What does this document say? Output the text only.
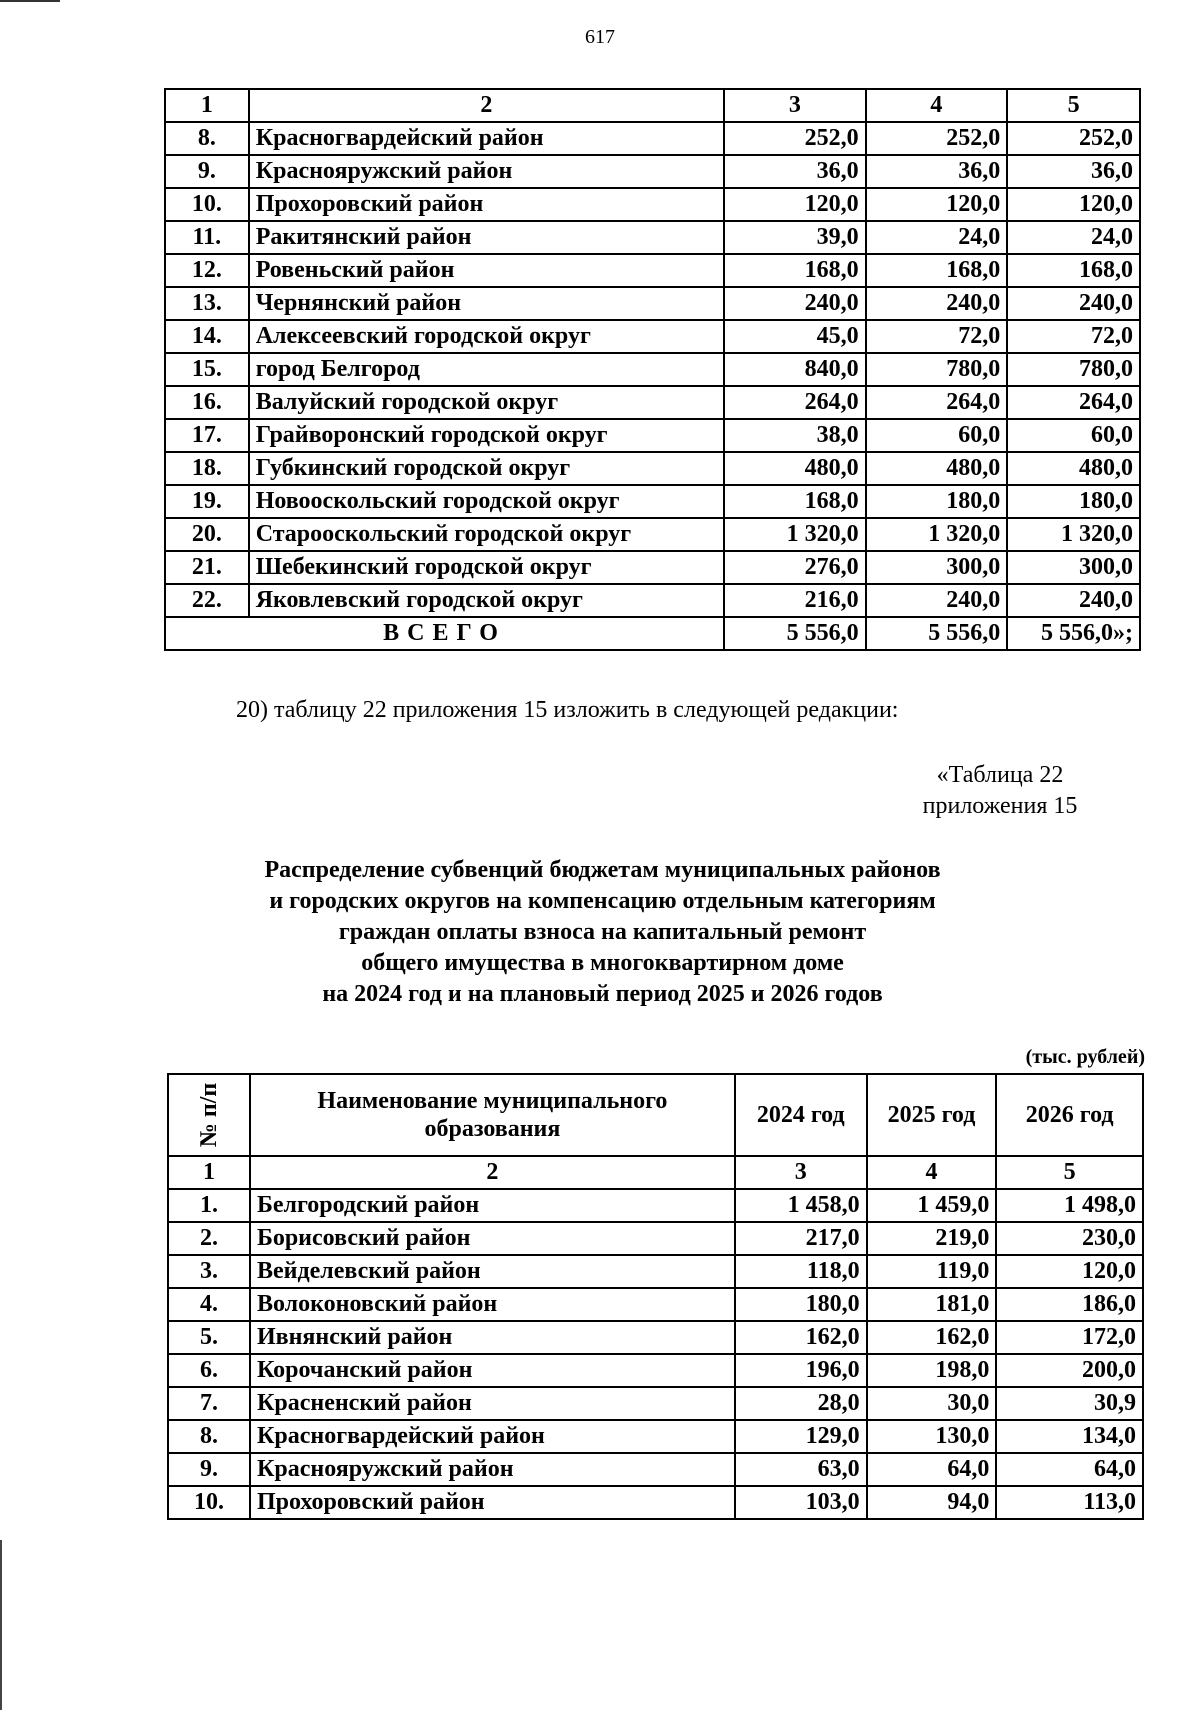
617
1	2	3	4	5
8.	Красногвардейский район	252,0	252,0	252,0
9.	Краснояружский район	36,0	36,0	36,0
10.	Прохоровский район	120,0	120,0	120,0
11.	Ракитянский район	39,0	24,0	24,0
12.	Ровеньский район	168,0	168,0	168,0
13.	Чернянский район	240,0	240,0	240,0
14.	Алексеевский городской округ	45,0	72,0	72,0
15.	город Белгород	840,0	780,0	780,0
16.	Валуйский городской округ	264,0	264,0	264,0
17.	Грайворонский городской округ	38,0	60,0	60,0
18.	Губкинский городской округ	480,0	480,0	480,0
19.	Новооскольский городской округ	168,0	180,0	180,0
20.	Старооскольский городской округ	1 320,0	1 320,0	1 320,0
21.	Шебекинский городской округ	276,0	300,0	300,0
22.	Яковлевский городской округ	216,0	240,0	240,0
ВСЕГО		5 556,0	5 556,0	5 556,0»;
20) таблицу 22 приложения 15 изложить в следующей редакции:
«Таблица 22
приложения 15
Распределение субвенций бюджетам муниципальных районов
и городских округов на компенсацию отдельным категориям
граждан оплаты взноса на капитальный ремонт
общего имущества в многоквартирном доме
на 2024 год и на плановый период 2025 и 2026 годов
(тыс. рублей)
№ п/п	Наименование муниципального образования	2024 год	2025 год	2026 год
1	2	3	4	5
1.	Белгородский район	1 458,0	1 459,0	1 498,0
2.	Борисовский район	217,0	219,0	230,0
3.	Вейделевский район	118,0	119,0	120,0
4.	Волоконовский район	180,0	181,0	186,0
5.	Ивнянский район	162,0	162,0	172,0
6.	Корочанский район	196,0	198,0	200,0
7.	Красненский район	28,0	30,0	30,9
8.	Красногвардейский район	129,0	130,0	134,0
9.	Краснояружский район	63,0	64,0	64,0
10.	Прохоровский район	103,0	94,0	113,0
